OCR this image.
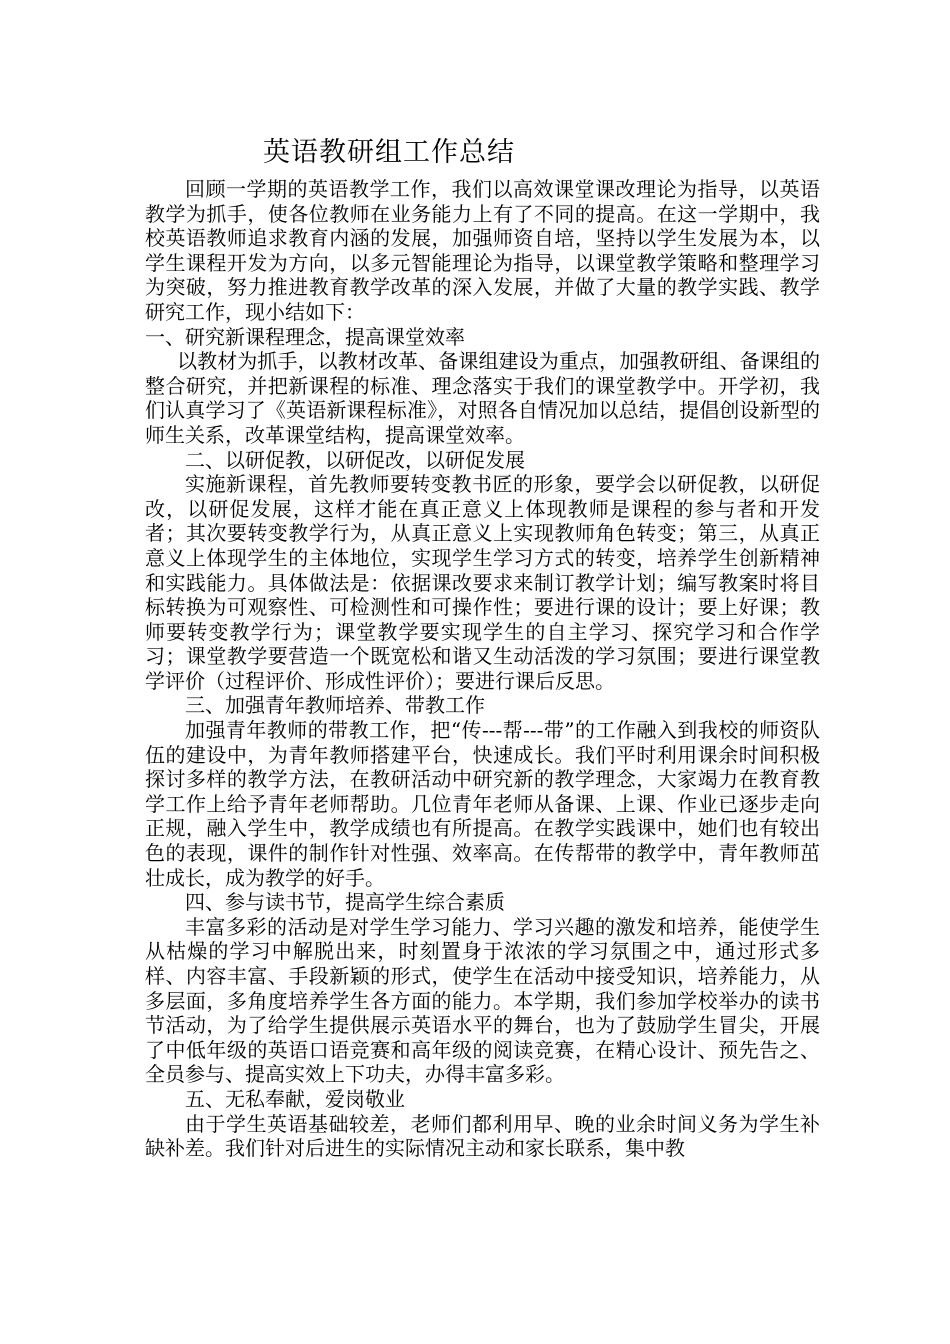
英语教研组工作总结

回顾一学期的英语教学工作，我们以高效课堂课改理论为指导，以英语教学为抓手，使各位教师在业务能力上有了不同的提高。在这一学期中，我校英语教师追求教育内涵的发展，加强师资自培，坚持以学生发展为本，以学生课程开发为方向，以多元智能理论为指导，以课堂教学策略和整理学习为突破，努力推进教育教学改革的深入发展，并做了大量的教学实践、教学研究工作，现小结如下：

一、研究新课程理念，提高课堂效率

以教材为抓手，以教材改革、备课组建设为重点，加强教研组、备课组的整合研究，并把新课程的标准、理念落实于我们的课堂教学中。开学初，我们认真学习了《英语新课程标准》，对照各自情况加以总结，提倡创设新型的师生关系，改革课堂结构，提高课堂效率。

二、以研促教，以研促改，以研促发展

实施新课程，首先教师要转变教书匠的形象，要学会以研促教，以研促改，以研促发展，这样才能在真正意义上体现教师是课程的参与者和开发者；其次要转变教学行为，从真正意义上实现教师角色转变；第三，从真正意义上体现学生的主体地位，实现学生学习方式的转变，培养学生创新精神和实践能力。具体做法是：依据课改要求来制订教学计划；编写教案时将目标转换为可观察性、可检测性和可操作性；要进行课的设计；要上好课；教师要转变教学行为；课堂教学要实现学生的自主学习、探究学习和合作学习；课堂教学要营造一个既宽松和谐又生动活泼的学习氛围；要进行课堂教学评价（过程评价、形成性评价）；要进行课后反思。

三、加强青年教师培养、带教工作

加强青年教师的带教工作，把“传---帮---带”的工作融入到我校的师资队伍的建设中，为青年教师搭建平台，快速成长。我们平时利用课余时间积极探讨多样的教学方法，在教研活动中研究新的教学理念，大家竭力在教育教学工作上给予青年老师帮助。几位青年老师从备课、上课、作业已逐步走向正规，融入学生中，教学成绩也有所提高。在教学实践课中，她们也有较出色的表现，课件的制作针对性强、效率高。在传帮带的教学中，青年教师茁壮成长，成为教学的好手。

四、参与读书节，提高学生综合素质

丰富多彩的活动是对学生学习能力、学习兴趣的激发和培养，能使学生从枯燥的学习中解脱出来，时刻置身于浓浓的学习氛围之中，通过形式多样、内容丰富、手段新颖的形式，使学生在活动中接受知识，培养能力，从多层面，多角度培养学生各方面的能力。本学期，我们参加学校举办的读书节活动，为了给学生提供展示英语水平的舞台，也为了鼓励学生冒尖，开展了中低年级的英语口语竞赛和高年级的阅读竞赛，在精心设计、预先告之、全员参与、提高实效上下功夫，办得丰富多彩。

五、无私奉献，爱岗敬业

由于学生英语基础较差，老师们都利用早、晚的业余时间义务为学生补缺补差。我们针对后进生的实际情况主动和家长联系，集中教
